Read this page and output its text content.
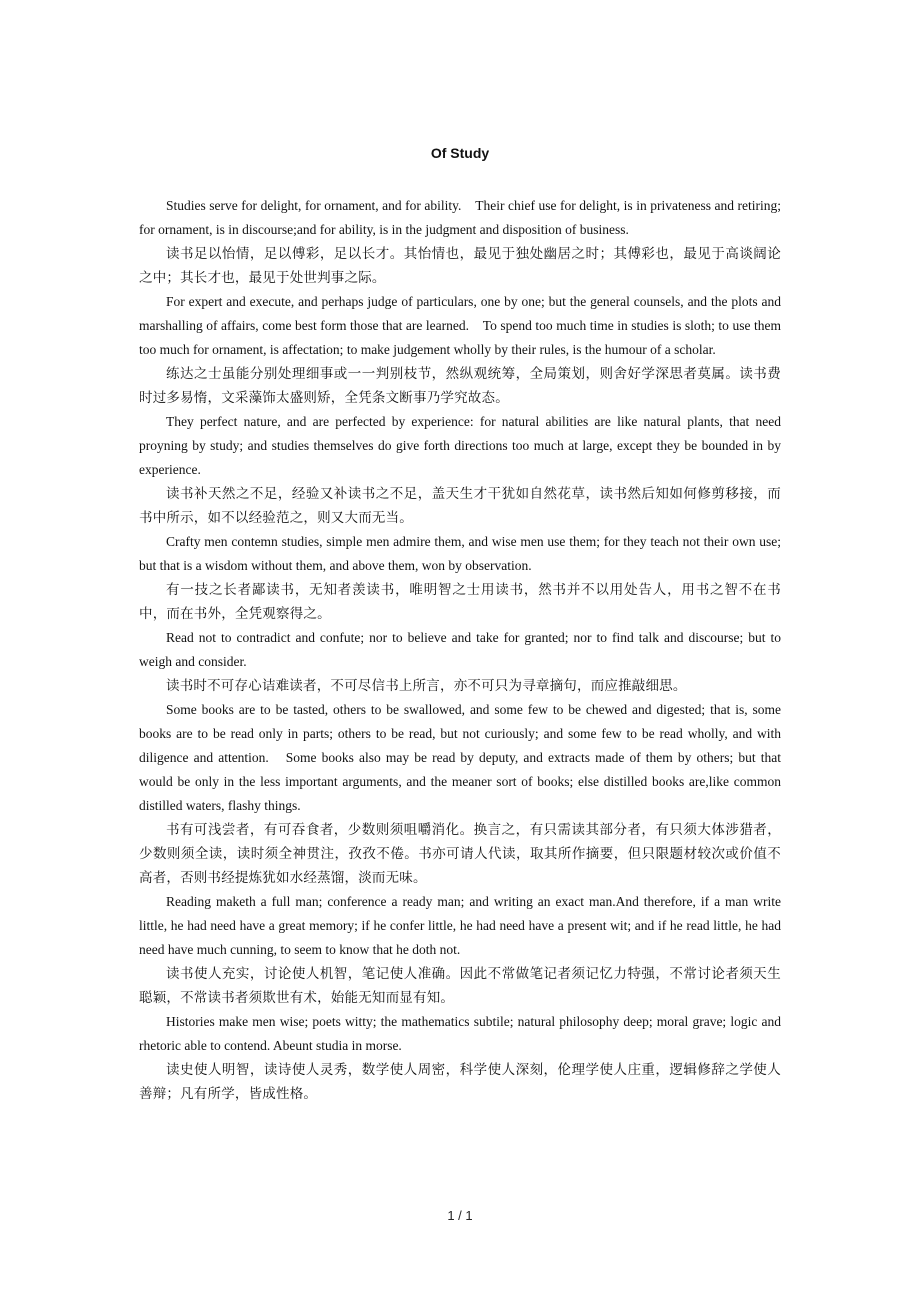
Of Study

Studies serve for delight, for ornament, and for ability.　Their chief use for delight, is in privateness and retiring; for ornament, is in discourse;and for ability, is in the judgment and disposition of business.

读书足以怡情，足以傅彩，足以长才。其怡情也，最见于独处幽居之时；其傅彩也，最见于高谈阔论之中；其长才也，最见于处世判事之际。

For expert and execute, and perhaps judge of particulars, one by one; but the general counsels, and the plots and marshalling of affairs, come best form those that are learned.　To spend too much time in studies is sloth; to use them too much for ornament, is affectation; to make judgement wholly by their rules, is the humour of a scholar.

练达之士虽能分别处理细事或一一判别枝节，然纵观统筹，全局策划，则舍好学深思者莫属。读书费时过多易惰，文采藻饰太盛则矫，全凭条文断事乃学究故态。

They perfect nature, and are perfected by experience: for natural abilities are like natural plants, that need proyning by study; and studies themselves do give forth directions too much at large, except they be bounded in by experience.

读书补天然之不足，经验又补读书之不足，盖天生才干犹如自然花草，读书然后知如何修剪移接，而书中所示，如不以经验范之，则又大而无当。

Crafty men contemn studies, simple men admire them, and wise men use them; for they teach not their own use; but that is a wisdom without them, and above them, won by observation.

有一技之长者鄙读书，无知者羡读书，唯明智之士用读书，然书并不以用处告人，用书之智不在书中，而在书外，全凭观察得之。

Read not to contradict and confute; nor to believe and take for granted; nor to find talk and discourse; but to weigh and consider.

读书时不可存心诘难读者，不可尽信书上所言，亦不可只为寻章摘句，而应推敲细思。

Some books are to be tasted, others to be swallowed, and some few to be chewed and digested; that is, some books are to be read only in parts; others to be read, but not curiously; and some few to be read wholly, and with diligence and attention.　Some books also may be read by deputy, and extracts made of them by others; but that would be only in the less important arguments, and the meaner sort of books; else distilled books are,like common distilled waters, flashy things.

书有可浅尝者，有可吞食者，少数则须咀嚼消化。换言之，有只需读其部分者，有只须大体涉猎者，少数则须全读，读时须全神贯注，孜孜不倦。书亦可请人代读，取其所作摘要，但只限题材较次或价值不高者，否则书经提炼犹如水经蒸馏，淡而无味。

Reading maketh a full man; conference a ready man; and writing an exact man.And therefore, if a man write little, he had need have a great memory; if he confer little, he had need have a present wit; and if he read little, he had need have much cunning, to seem to know that he doth not.

读书使人充实，讨论使人机智，笔记使人准确。因此不常做笔记者须记忆力特强，不常讨论者须天生聪颖，不常读书者须欺世有术，始能无知而显有知。

Histories make men wise; poets witty; the mathematics subtile; natural philosophy deep; moral grave; logic and rhetoric able to contend. Abeunt studia in morse.

读史使人明智，读诗使人灵秀，数学使人周密，科学使人深刻，伦理学使人庄重，逻辑修辞之学使人善辩；凡有所学，皆成性格。

1 / 1
